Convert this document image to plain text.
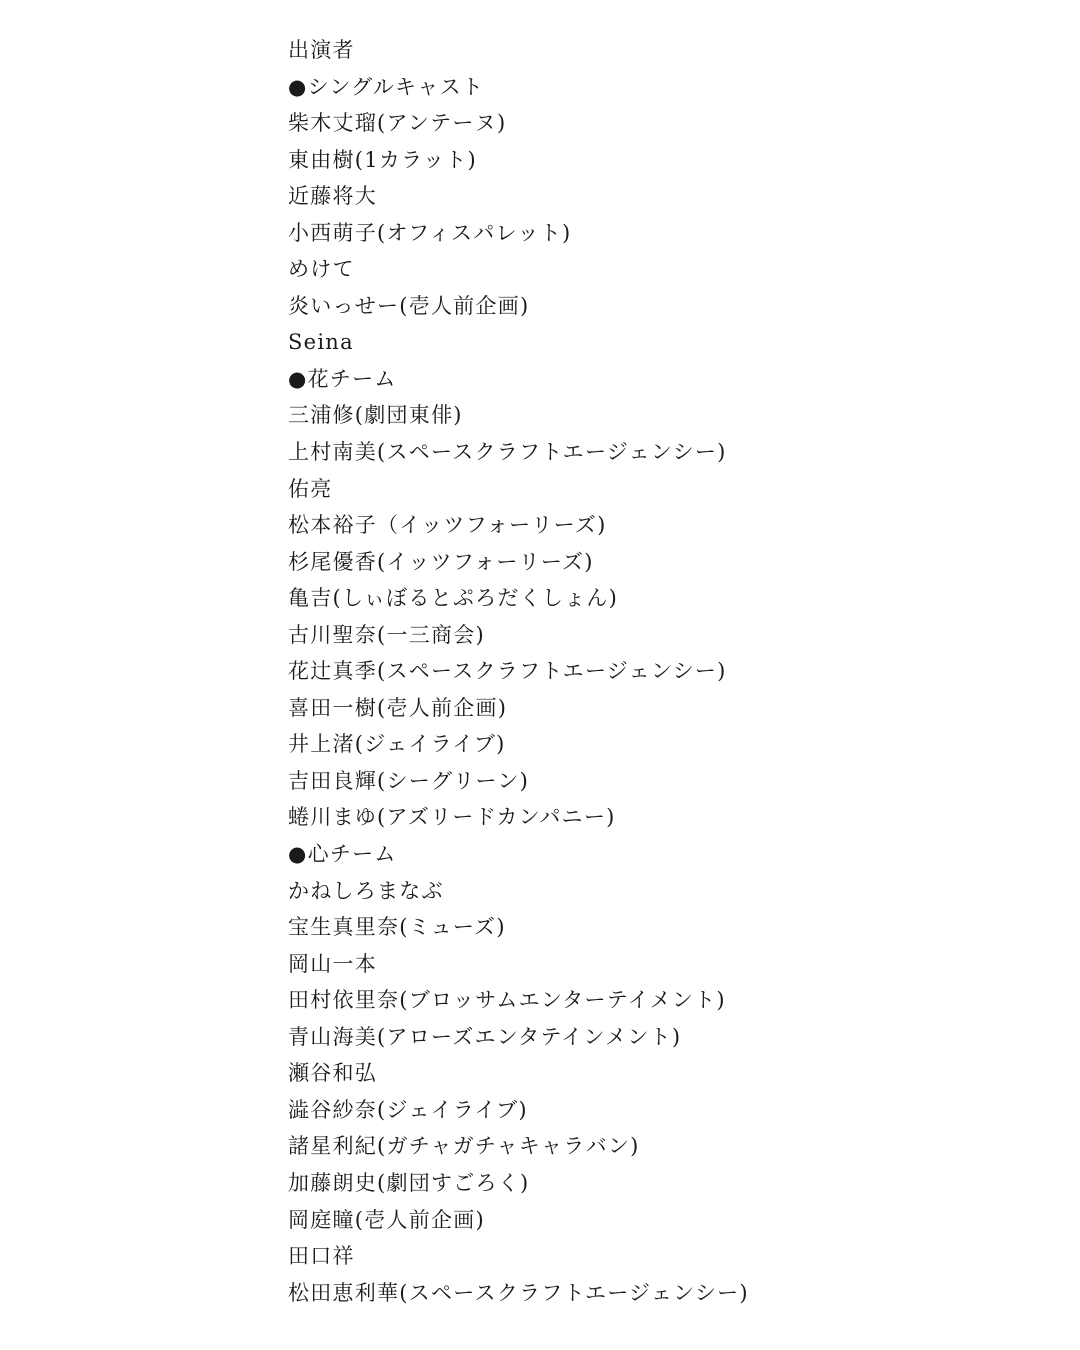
出演者
●シングルキャスト
柴木丈瑠(アンテーヌ)
東由樹(1カラット)
近藤将大
小西萌子(オフィスパレット)
めけて
炎いっせー(壱人前企画)
Seina
●花チーム
三浦修(劇団東俳)
上村南美(スペースクラフトエージェンシー)
佑亮
松本裕子（イッツフォーリーズ)
杉尾優香(イッツフォーリーズ)
亀吉(しぃぼるとぷろだくしょん)
古川聖奈(一三商会)
花辻真季(スペースクラフトエージェンシー)
喜田一樹(壱人前企画)
井上渚(ジェイライブ)
吉田良輝(シーグリーン)
蜷川まゆ(アズリードカンパニー)
●心チーム
かねしろまなぶ
宝生真里奈(ミューズ)
岡山一本
田村依里奈(ブロッサムエンターテイメント)
青山海美(アローズエンタテインメント)
瀬谷和弘
澁谷紗奈(ジェイライブ)
諸星利紀(ガチャガチャキャラバン)
加藤朗史(劇団すごろく)
岡庭瞳(壱人前企画)
田口祥
松田恵利華(スペースクラフトエージェンシー)
